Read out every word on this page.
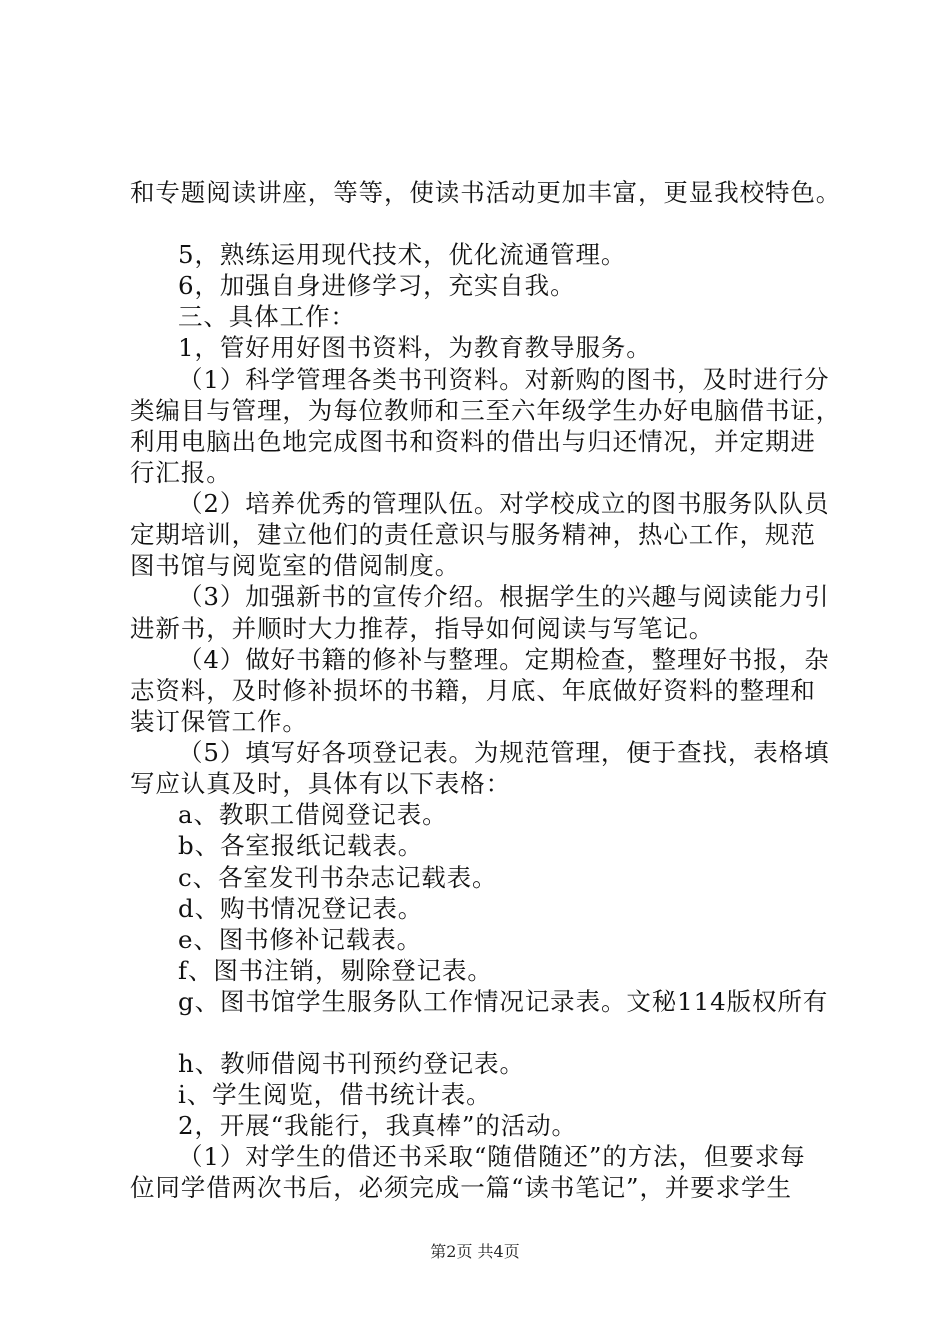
和专题阅读讲座，等等，使读书活动更加丰富，更显我校特色。
5，熟练运用现代技术，优化流通管理。
6，加强自身进修学习，充实自我。
三、具体工作：
1，管好用好图书资料，为教育教导服务。
（1）科学管理各类书刊资料。对新购的图书，及时进行分
类编目与管理，为每位教师和三至六年级学生办好电脑借书证，
利用电脑出色地完成图书和资料的借出与归还情况，并定期进
行汇报。
（2）培养优秀的管理队伍。对学校成立的图书服务队队员
定期培训，建立他们的责任意识与服务精神，热心工作，规范
图书馆与阅览室的借阅制度。
（3）加强新书的宣传介绍。根据学生的兴趣与阅读能力引
进新书，并顺时大力推荐，指导如何阅读与写笔记。
（4）做好书籍的修补与整理。定期检查，整理好书报，杂
志资料，及时修补损坏的书籍，月底、年底做好资料的整理和
装订保管工作。
（5）填写好各项登记表。为规范管理，便于查找，表格填
写应认真及时，具体有以下表格：
a、教职工借阅登记表。
b、各室报纸记载表。
c、各室发刊书杂志记载表。
d、购书情况登记表。
e、图书修补记载表。
f、图书注销，剔除登记表。
g、图书馆学生服务队工作情况记录表。文秘114版权所有
h、教师借阅书刊预约登记表。
i、学生阅览，借书统计表。
2，开展“我能行，我真棒”的活动。
（1）对学生的借还书采取“随借随还”的方法，但要求每
位同学借两次书后，必须完成一篇“读书笔记”，并要求学生
第2页 共4页
